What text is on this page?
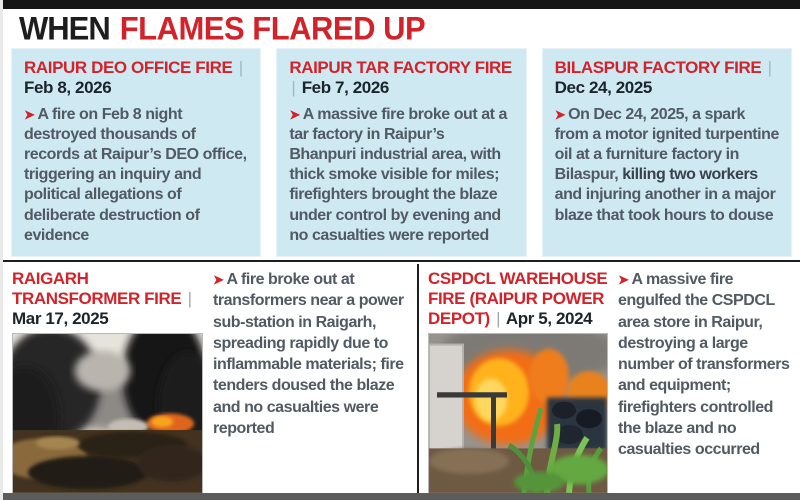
WHEN FLAMES FLARED UP
RAIPUR DEO OFFICE FIRE | Feb 8, 2026
➤ A fire on Feb 8 night destroyed thousands of records at Raipur’s DEO office, triggering an inquiry and political allegations of deliberate destruction of evidence
RAIPUR TAR FACTORY FIRE | Feb 7, 2026
➤ A massive fire broke out at a tar factory in Raipur’s Bhanpuri industrial area, with thick smoke visible for miles; firefighters brought the blaze under control by evening and no casualties were reported
BILASPUR FACTORY FIRE | Dec 24, 2025
➤ On Dec 24, 2025, a spark from a motor ignited turpentine oil at a furniture factory in Bilaspur, killing two workers and injuring another in a major blaze that took hours to douse
RAIGARH TRANSFORMER FIRE | Mar 17, 2025
➤ A fire broke out at transformers near a power sub-station in Raigarh, spreading rapidly due to inflammable materials; fire tenders doused the blaze and no casualties were reported
CSPDCL WAREHOUSE FIRE (RAIPUR POWER DEPOT) | Apr 5, 2024
➤ A massive fire engulfed the CSPDCL area store in Raipur, destroying a large number of transformers and equipment; firefighters controlled the blaze and no casualties occurred
